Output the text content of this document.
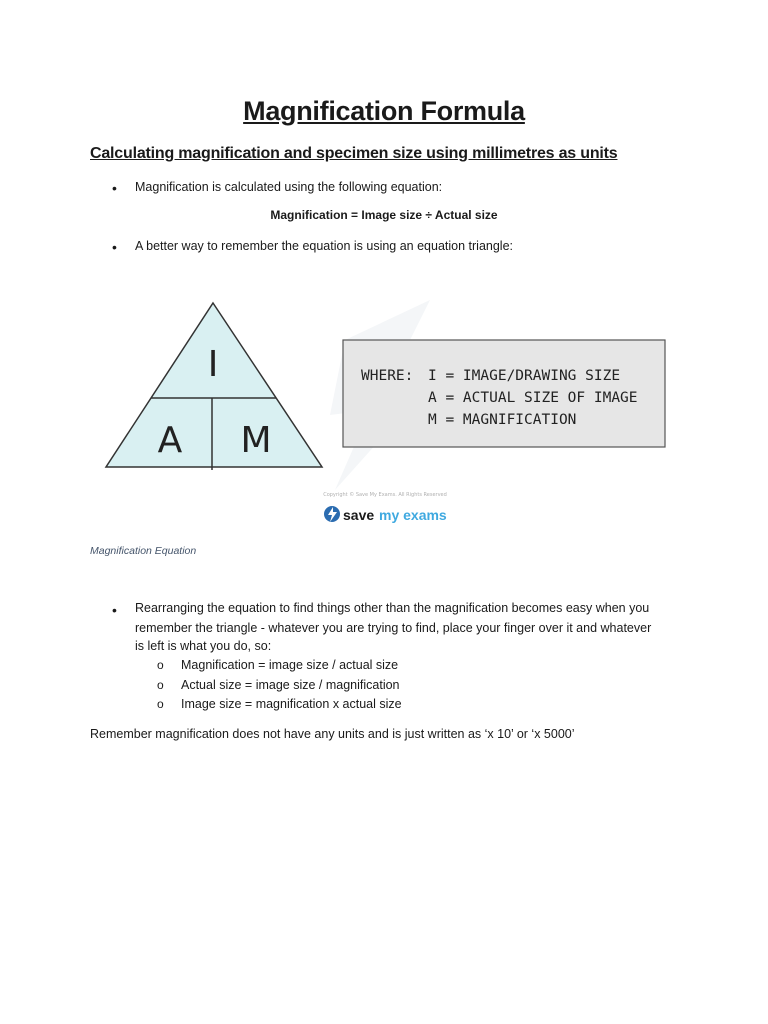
Magnification Formula
Calculating magnification and specimen size using millimetres as units
• Magnification is calculated using the following equation:
Magnification = Image size ÷ Actual size
• A better way to remember the equation is using an equation triangle:
I
A M
WHERE: I = IMAGE/DRAWING SIZE
A = ACTUAL SIZE OF IMAGE
M = MAGNIFICATION
Copyright © Save My Exams. All Rights Reserved
save my exams
Magnification Equation
• Rearranging the equation to find things other than the magnification becomes easy when you
remember the triangle - whatever you are trying to find, place your finger over it and whatever
is left is what you do, so:
o Magnification = image size / actual size
o Actual size = image size / magnification
o Image size = magnification x actual size
Remember magnification does not have any units and is just written as ‘x 10’ or ‘x 5000’
